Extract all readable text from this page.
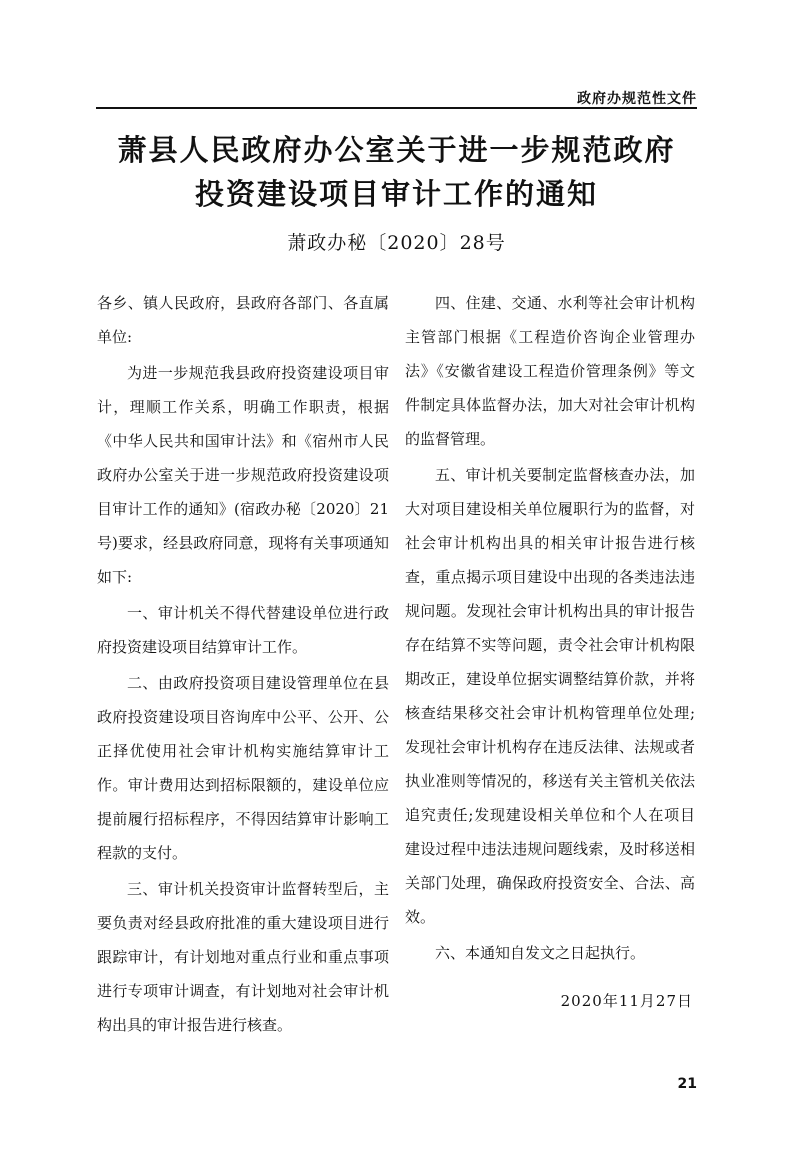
政府办规范性文件
萧县人民政府办公室关于进一步规范政府
投资建设项目审计工作的通知
萧政办秘〔2020〕28号

各乡、镇人民政府，县政府各部门、各直属单位:

为进一步规范我县政府投资建设项目审计，理顺工作关系，明确工作职责，根据《中华人民共和国审计法》和《宿州市人民政府办公室关于进一步规范政府投资建设项目审计工作的通知》(宿政办秘〔2020〕21号)要求，经县政府同意，现将有关事项通知如下:

一、审计机关不得代替建设单位进行政府投资建设项目结算审计工作。

二、由政府投资项目建设管理单位在县政府投资建设项目咨询库中公平、公开、公正择优使用社会审计机构实施结算审计工作。审计费用达到招标限额的，建设单位应提前履行招标程序，不得因结算审计影响工程款的支付。

三、审计机关投资审计监督转型后，主要负责对经县政府批准的重大建设项目进行跟踪审计，有计划地对重点行业和重点事项进行专项审计调查，有计划地对社会审计机构出具的审计报告进行核查。

四、住建、交通、水利等社会审计机构主管部门根据《工程造价咨询企业管理办法》《安徽省建设工程造价管理条例》等文件制定具体监督办法，加大对社会审计机构的监督管理。

五、审计机关要制定监督核查办法，加大对项目建设相关单位履职行为的监督，对社会审计机构出具的相关审计报告进行核查，重点揭示项目建设中出现的各类违法违规问题。发现社会审计机构出具的审计报告存在结算不实等问题，责令社会审计机构限期改正，建设单位据实调整结算价款，并将核查结果移交社会审计机构管理单位处理;发现社会审计机构存在违反法律、法规或者执业准则等情况的，移送有关主管机关依法追究责任;发现建设相关单位和个人在项目建设过程中违法违规问题线索，及时移送相关部门处理，确保政府投资安全、合法、高效。

六、本通知自发文之日起执行。

2020年11月27日
21
